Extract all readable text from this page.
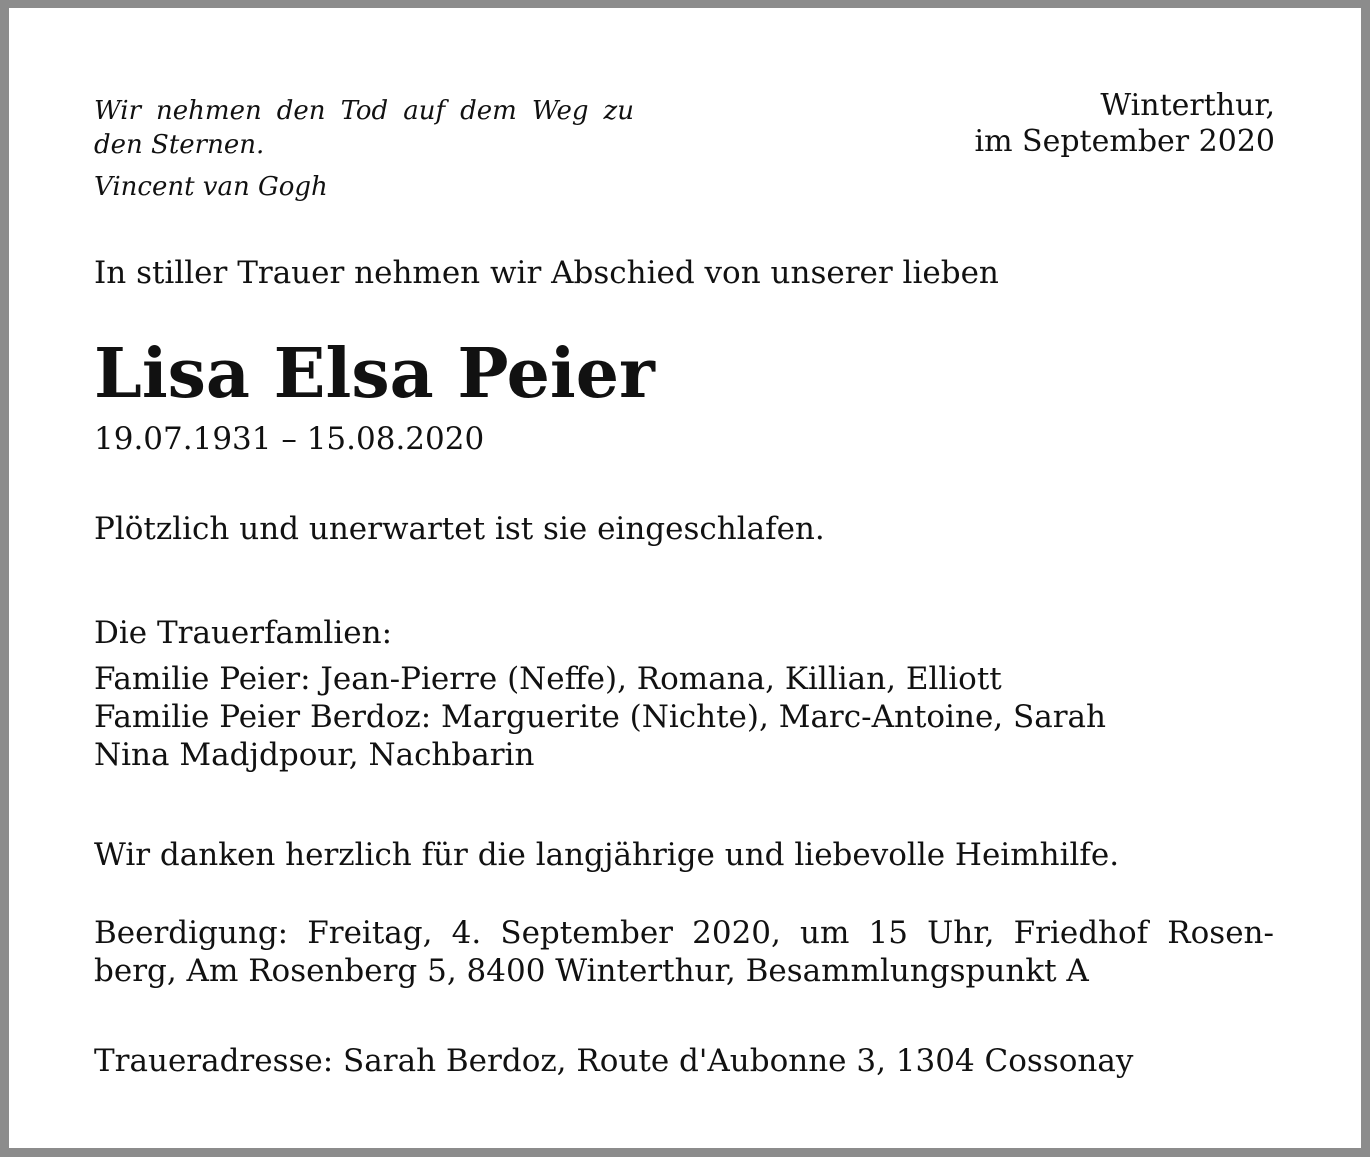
Wir nehmen den Tod auf dem Weg zu den Sternen.

Vincent van Gogh

Winterthur,
im September 2020

In stiller Trauer nehmen wir Abschied von unserer lieben

Lisa Elsa Peier

19.07.1931 – 15.08.2020

Plötzlich und unerwartet ist sie eingeschlafen.

Die Trauerfamlien:

Familie Peier: Jean-Pierre (Neffe), Romana, Killian, Elliott
Familie Peier Berdoz: Marguerite (Nichte), Marc-Antoine, Sarah
Nina Madjdpour, Nachbarin

Wir danken herzlich für die langjährige und liebevolle Heimhilfe.

Beerdigung: Freitag, 4. September 2020, um 15 Uhr, Friedhof Rosen-
berg, Am Rosenberg 5, 8400 Winterthur, Besammlungspunkt A

Traueradresse: Sarah Berdoz, Route d'Aubonne 3, 1304 Cossonay
